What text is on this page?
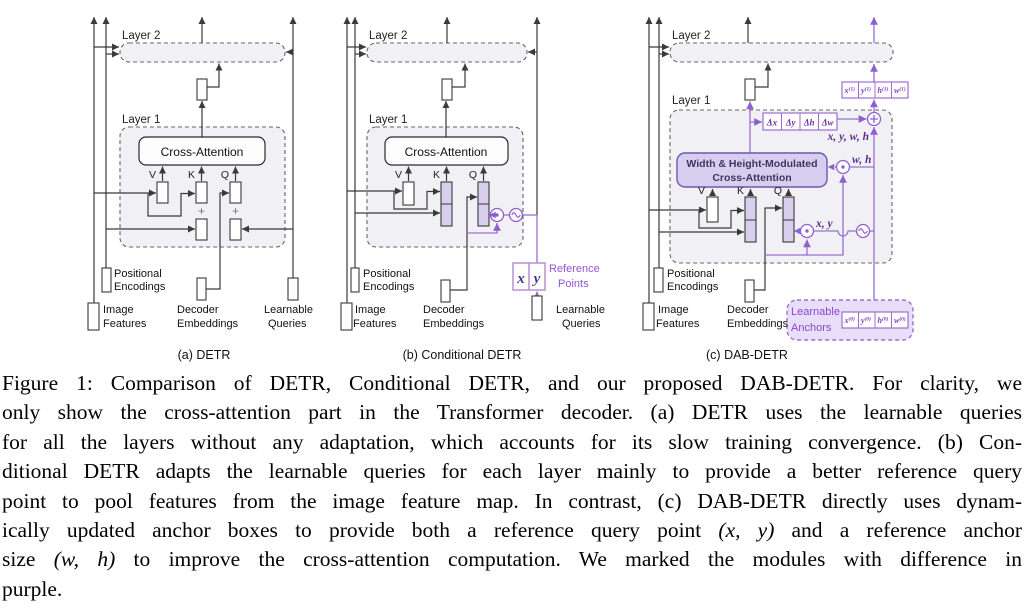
Layer 2
Layer 1
Cross-Attention
V	K Q
+ +
Positional
Encodings
Image
Features
Decoder
Embeddings
Learnable
Queries
(a) DETR
x y
Layer 2
Layer 1
Cross-Attention
V	K	Q
Reference
Points
Positional
Encodings
Image
Features
Decoder
Embeddings
Learnable
Queries
(b) Conditional DETR
Δx Δy Δh Δw
$x^{(1)}$ $y^{(1)}$ $h^{(1)}$ $w^{(1)}$
Learnable
Anchors
$x^{(0)}$ $y^{(0)}$ $h^{(0)}$ $w^{(0)}$
Layer 2
Layer 1
Width & Height-Modulated
Cross-Attention
V	K	Q
x, y, w, h
w, h
x, y
Positional
Encodings
Image
Features
Decoder
Embeddings
(c) DAB-DETR
Figure 1: Comparison of DETR, Conditional DETR, and our proposed DAB-DETR. For clarity, we
only show the cross-attention part in the Transformer decoder. (a) DETR uses the learnable queries
for all the layers without any adaptation, which accounts for its slow training convergence. (b) Con-
ditional DETR adapts the learnable queries for each layer mainly to provide a better reference query
point to pool features from the image feature map. In contrast, (c) DAB-DETR directly uses dynam-
ically updated anchor boxes to provide both a reference query point (x, y) and a reference anchor
size (w, h) to improve the cross-attention computation. We marked the modules with difference in
purple.
